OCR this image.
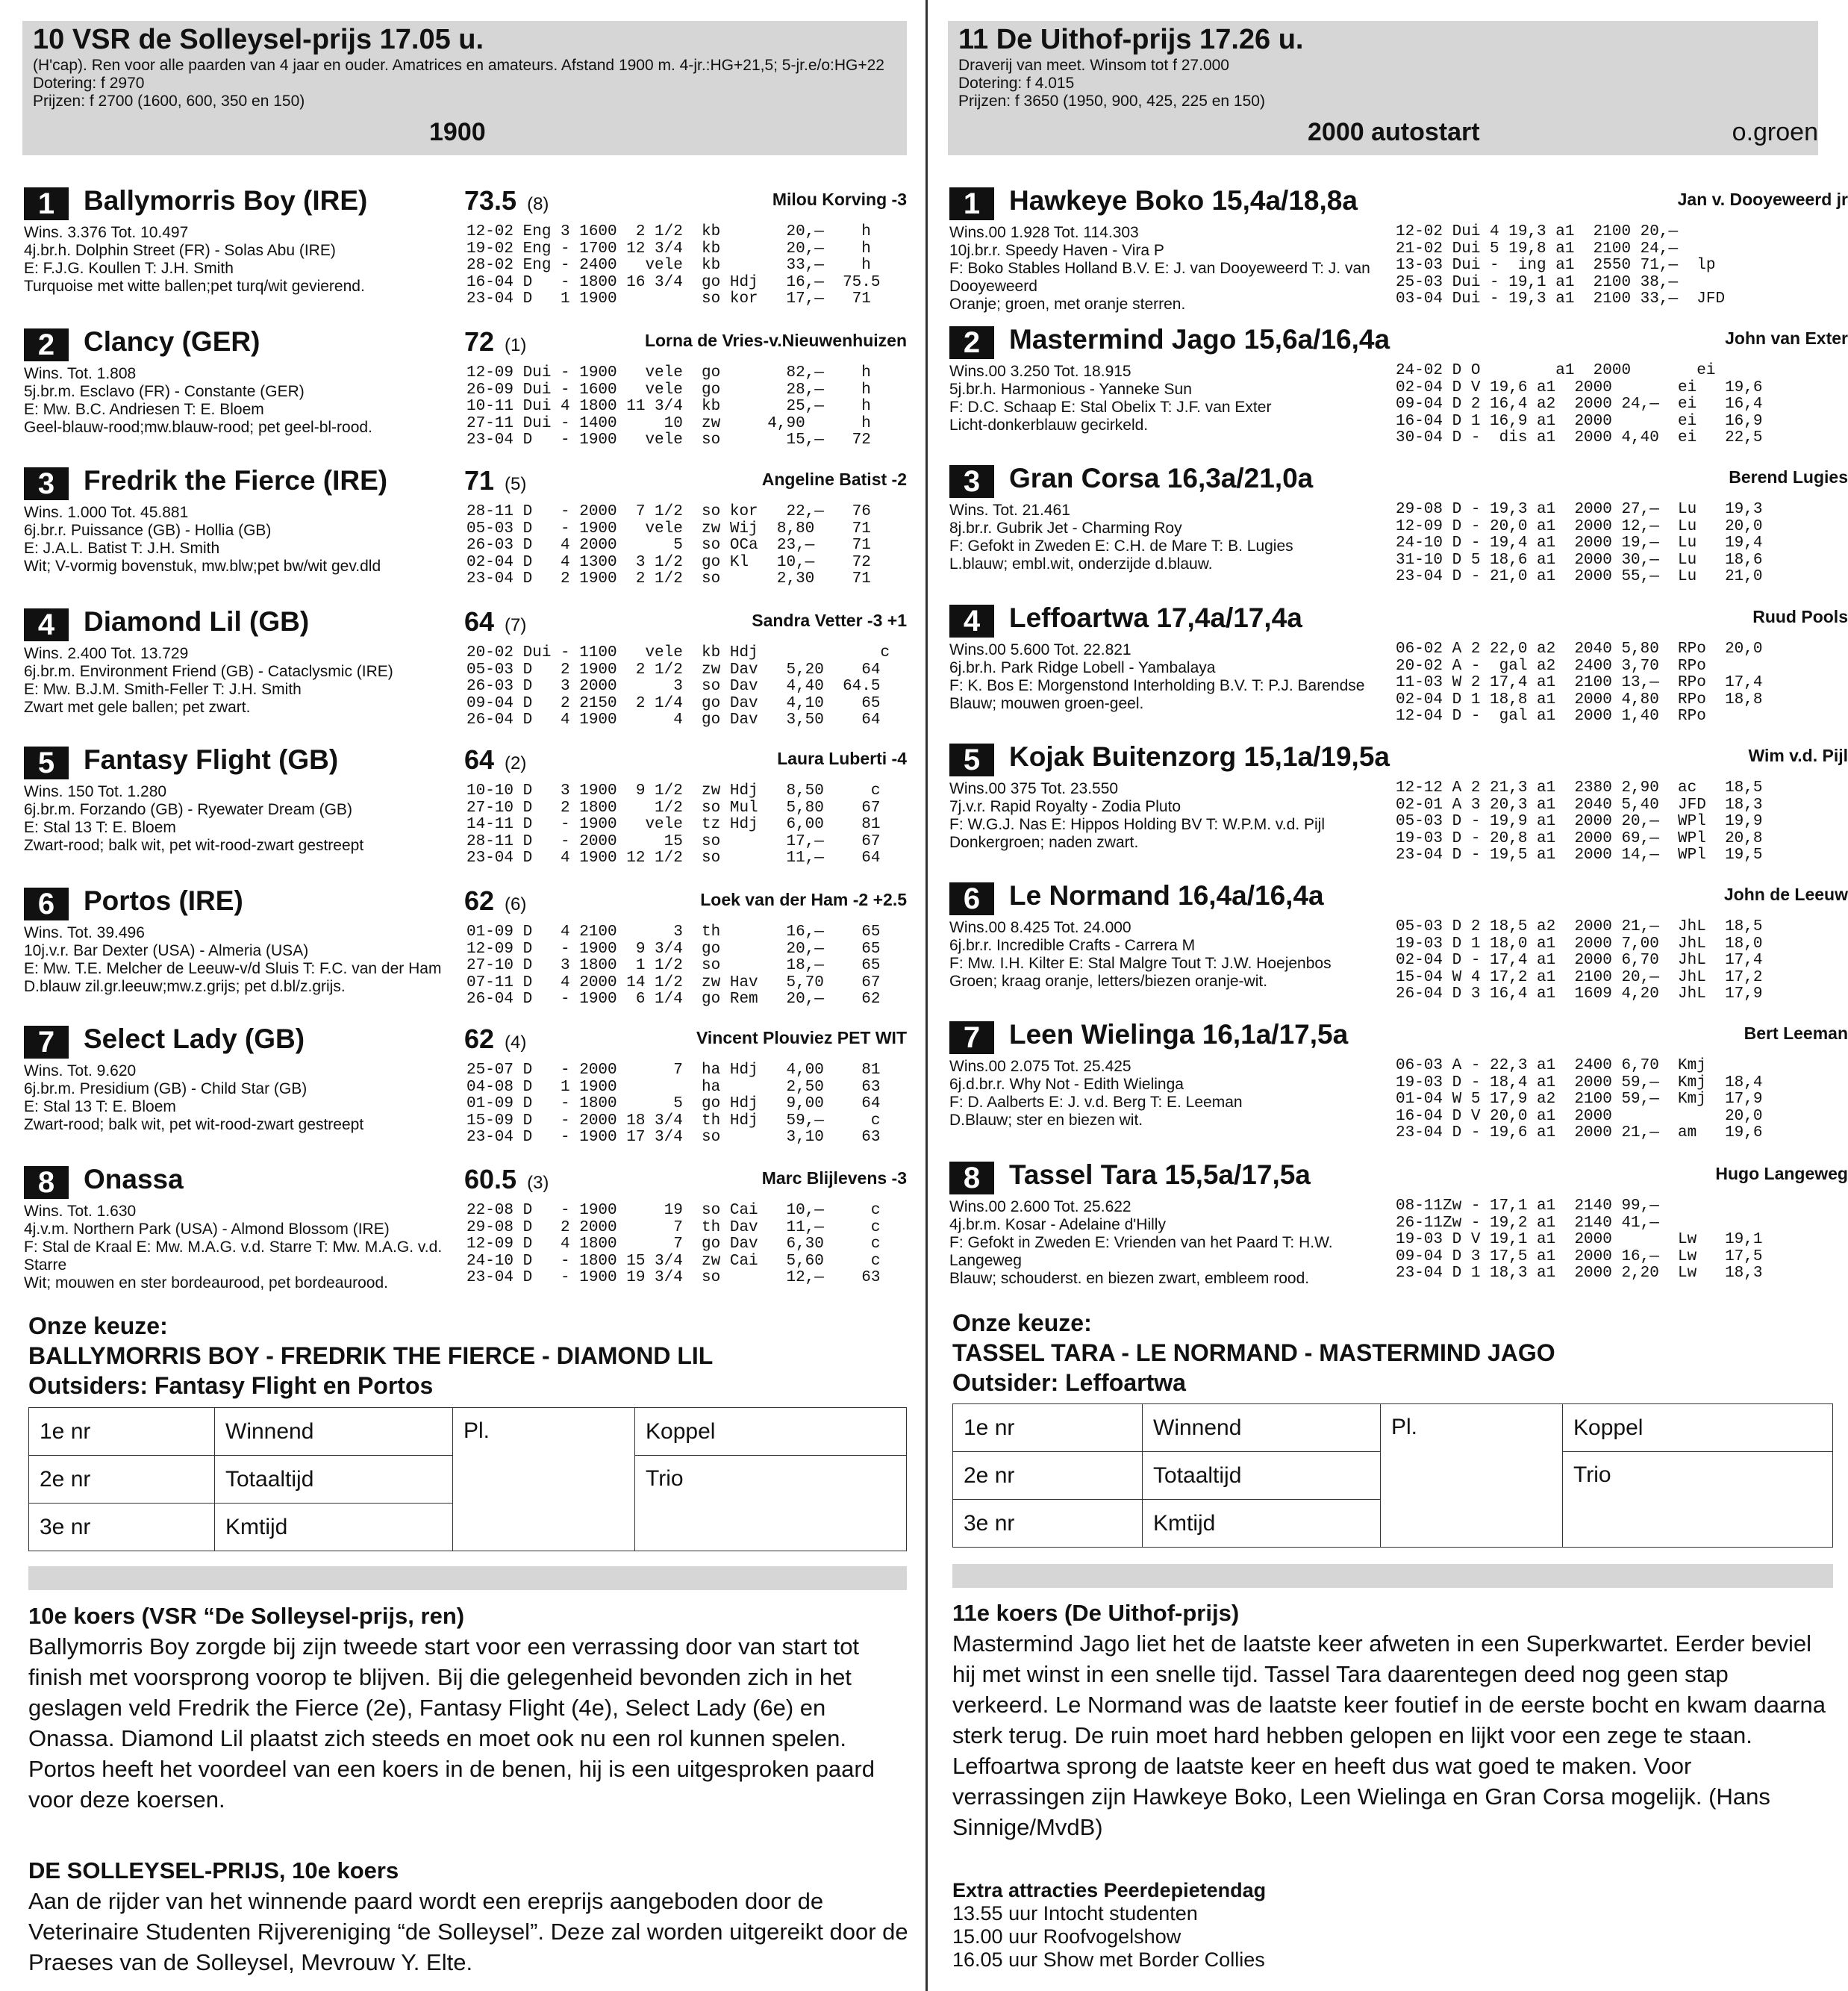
10 VSR de Solleysel-prijs 17.05 u.
(H'cap). Ren voor alle paarden van 4 jaar en ouder. Amatrices en amateurs. Afstand 1900 m. 4-jr.:HG+21,5; 5-jr.e/o:HG+22 Dotering: f 2970
Prijzen: f 2700 (1600, 600, 350 en 150)
1900
1	Ballymorris Boy (IRE)	73.5 (8)	Milou Korving -3
Wins. 3.376 Tot. 10.497
4j.br.h. Dolphin Street (FR) - Solas Abu (IRE)
E: F.J.G. Koullen T: J.H. Smith
Turquoise met witte ballen;pet turq/wit gevierend.
12-02 Eng 3 1600  2 1/2  kb       20,—    h
19-02 Eng - 1700 12 3/4  kb       20,—    h
28-02 Eng - 2400   vele  kb       33,—    h
16-04 D   - 1800 16 3/4  go Hdj   16,—  75.5
23-04 D   1 1900         so kor   17,—   71
2	Clancy (GER)	72 (1)	Lorna de Vries-v.Nieuwenhuizen
Wins. Tot. 1.808
5j.br.m. Esclavo (FR) - Constante (GER)
E: Mw. B.C. Andriesen T: E. Bloem
Geel-blauw-rood;mw.blauw-rood; pet geel-bl-rood.
12-09 Dui - 1900   vele  go       82,—    h
26-09 Dui - 1600   vele  go       28,—    h
10-11 Dui 4 1800 11 3/4  kb       25,—    h
27-11 Dui - 1400     10  zw     4,90      h
23-04 D   - 1900   vele  so       15,—   72
3	Fredrik the Fierce (IRE)	71 (5)	Angeline Batist -2
Wins. 1.000 Tot. 45.881
6j.br.r. Puissance (GB) - Hollia (GB)
E: J.A.L. Batist T: J.H. Smith
Wit; V-vormig bovenstuk, mw.blw;pet bw/wit gev.dld
28-11 D   - 2000  7 1/2  so kor   22,—   76
05-03 D   - 1900   vele  zw Wij  8,80    71
26-03 D   4 2000      5  so OCa  23,—    71
02-04 D   4 1300  3 1/2  go Kl   10,—    72
23-04 D   2 1900  2 1/2  so      2,30    71
4	Diamond Lil (GB)	64 (7)	Sandra Vetter -3 +1
Wins. 2.400 Tot. 13.729
6j.br.m. Environment Friend (GB) - Cataclysmic (IRE)
E: Mw. B.J.M. Smith-Feller T: J.H. Smith
Zwart met gele ballen; pet zwart.
20-02 Dui - 1100   vele  kb Hdj             c
05-03 D   2 1900  2 1/2  zw Dav   5,20    64
26-03 D   3 2000      3  so Dav   4,40  64.5
09-04 D   2 2150  2 1/4  go Dav   4,10    65
26-04 D   4 1900      4  go Dav   3,50    64
5	Fantasy Flight (GB)	64 (2)	Laura Luberti -4
Wins. 150 Tot. 1.280
6j.br.m. Forzando (GB) - Ryewater Dream (GB)
E: Stal 13 T: E. Bloem
Zwart-rood; balk wit, pet wit-rood-zwart gestreept
10-10 D   3 1900  9 1/2  zw Hdj   8,50     c
27-10 D   2 1800    1/2  so Mul   5,80    67
14-11 D   - 1900   vele  tz Hdj   6,00    81
28-11 D   - 2000     15  so       17,—    67
23-04 D   4 1900 12 1/2  so       11,—    64
6	Portos (IRE)	62 (6)	Loek van der Ham -2 +2.5
Wins. Tot. 39.496
10j.v.r. Bar Dexter (USA) - Almeria (USA)
E: Mw. T.E. Melcher de Leeuw-v/d Sluis T: F.C. van der Ham
D.blauw zil.gr.leeuw;mw.z.grijs; pet d.bl/z.grijs.
01-09 D   4 2100      3  th       16,—    65
12-09 D   - 1900  9 3/4  go       20,—    65
27-10 D   3 1800  1 1/2  so       18,—    65
07-11 D   4 2000 14 1/2  zw Hav   5,70    67
26-04 D   - 1900  6 1/4  go Rem   20,—    62
7	Select Lady (GB)	62 (4)	Vincent Plouviez PET WIT
Wins. Tot. 9.620
6j.br.m. Presidium (GB) - Child Star (GB)
E: Stal 13 T: E. Bloem
Zwart-rood; balk wit, pet wit-rood-zwart gestreept
25-07 D   - 2000      7  ha Hdj   4,00    81
04-08 D   1 1900         ha       2,50    63
01-09 D   - 1800      5  go Hdj   9,00    64
15-09 D   - 2000 18 3/4  th Hdj   59,—     c
23-04 D   - 1900 17 3/4  so       3,10    63
8	Onassa	60.5 (3)	Marc Blijlevens -3
Wins. Tot. 1.630
4j.v.m. Northern Park (USA) - Almond Blossom (IRE)
F: Stal de Kraal E: Mw. M.A.G. v.d. Starre T: Mw. M.A.G. v.d. Starre
Wit; mouwen en ster bordeaurood, pet bordeaurood.
22-08 D   - 1900     19  so Cai   10,—     c
29-08 D   2 2000      7  th Dav   11,—     c
12-09 D   4 1800      7  go Dav   6,30     c
24-10 D   - 1800 15 3/4  zw Cai   5,60     c
23-04 D   - 1900 19 3/4  so       12,—    63
Onze keuze:
BALLYMORRIS BOY - FREDRIK THE FIERCE - DIAMOND LIL
Outsiders: Fantasy Flight en Portos
1e nr	Winnend	Pl.	Koppel
2e nr	Totaaltijd		Trio
3e nr	Kmtijd		
10e koers (VSR “De Solleysel-prijs, ren)
Ballymorris Boy zorgde bij zijn tweede start voor een verrassing door van start tot finish met voorsprong voorop te blijven. Bij die gelegenheid bevonden zich in het geslagen veld Fredrik the Fierce (2e), Fantasy Flight (4e), Select Lady (6e) en Onassa. Diamond Lil plaatst zich steeds en moet ook nu een rol kunnen spelen. Portos heeft het voordeel van een koers in de benen, hij is een uitgesproken paard voor deze koersen.
DE SOLLEYSEL-PRIJS, 10e koers
Aan de rijder van het winnende paard wordt een ereprijs aangeboden door de Veterinaire Studenten Rijvereniging “de Solleysel”. Deze zal worden uitgereikt door de Praeses van de Solleysel, Mevrouw Y. Elte.
11 De Uithof-prijs 17.26 u.
Draverij van meet. Winsom tot f 27.000
Dotering: f 4.015
Prijzen: f 3650 (1950, 900, 425, 225 en 150)
2000 autostart	o.groen
1	Hawkeye Boko 15,4a/18,8a	Jan v. Dooyeweerd jr
Wins.00 1.928 Tot. 114.303
10j.br.r. Speedy Haven - Vira P
F: Boko Stables Holland B.V. E: J. van Dooyeweerd T: J. van Dooyeweerd
Oranje; groen, met oranje sterren.
12-02 Dui 4 19,3 a1  2100 20,—
21-02 Dui 5 19,8 a1  2100 24,—
13-03 Dui -  ing a1  2550 71,—  lp
25-03 Dui - 19,1 a1  2100 38,—
03-04 Dui - 19,3 a1  2100 33,—  JFD
2	Mastermind Jago 15,6a/16,4a	John van Exter
Wins.00 3.250 Tot. 18.915
5j.br.h. Harmonious - Yanneke Sun
F: D.C. Schaap E: Stal Obelix T: J.F. van Exter
Licht-donkerblauw gecirkeld.
24-02 D O        a1  2000       ei
02-04 D V 19,6 a1  2000       ei   19,6
09-04 D 2 16,4 a2  2000 24,—  ei   16,4
16-04 D 1 16,9 a1  2000       ei   16,9
30-04 D -  dis a1  2000 4,40  ei   22,5
3	Gran Corsa 16,3a/21,0a	Berend Lugies
Wins. Tot. 21.461
8j.br.r. Gubrik Jet - Charming Roy
F: Gefokt in Zweden E: C.H. de Mare T: B. Lugies
L.blauw; embl.wit, onderzijde d.blauw.
29-08 D - 19,3 a1  2000 27,—  Lu   19,3
12-09 D - 20,0 a1  2000 12,—  Lu   20,0
24-10 D - 19,4 a1  2000 19,—  Lu   19,4
31-10 D 5 18,6 a1  2000 30,—  Lu   18,6
23-04 D - 21,0 a1  2000 55,—  Lu   21,0
4	Leffoartwa 17,4a/17,4a	Ruud Pools
Wins.00 5.600 Tot. 22.821
6j.br.h. Park Ridge Lobell - Yambalaya
F: K. Bos E: Morgenstond Interholding B.V. T: P.J. Barendse
Blauw; mouwen groen-geel.
06-02 A 2 22,0 a2  2040 5,80  RPo  20,0
20-02 A -  gal a2  2400 3,70  RPo
11-03 W 2 17,4 a1  2100 13,—  RPo  17,4
02-04 D 1 18,8 a1  2000 4,80  RPo  18,8
12-04 D -  gal a1  2000 1,40  RPo
5	Kojak Buitenzorg 15,1a/19,5a	Wim v.d. Pijl
Wins.00 375 Tot. 23.550
7j.v.r. Rapid Royalty - Zodia Pluto
F: W.G.J. Nas E: Hippos Holding BV T: W.P.M. v.d. Pijl
Donkergroen; naden zwart.
12-12 A 2 21,3 a1  2380 2,90  ac   18,5
02-01 A 3 20,3 a1  2040 5,40  JFD  18,3
05-03 D - 19,9 a1  2000 20,—  WPl  19,9
19-03 D - 20,8 a1  2000 69,—  WPl  20,8
23-04 D - 19,5 a1  2000 14,—  WPl  19,5
6	Le Normand 16,4a/16,4a	John de Leeuw
Wins.00 8.425 Tot. 24.000
6j.br.r. Incredible Crafts - Carrera M
F: Mw. I.H. Kilter E: Stal Malgre Tout T: J.W. Hoejenbos
Groen; kraag oranje, letters/biezen oranje-wit.
05-03 D 2 18,5 a2  2000 21,—  JhL  18,5
19-03 D 1 18,0 a1  2000 7,00  JhL  18,0
02-04 D - 17,4 a1  2000 6,70  JhL  17,4
15-04 W 4 17,2 a1  2100 20,—  JhL  17,2
26-04 D 3 16,4 a1  1609 4,20  JhL  17,9
7	Leen Wielinga 16,1a/17,5a	Bert Leeman
Wins.00 2.075 Tot. 25.425
6j.d.br.r. Why Not - Edith Wielinga
F: D. Aalberts E: J. v.d. Berg T: E. Leeman
D.Blauw; ster en biezen wit.
06-03 A - 22,3 a1  2400 6,70  Kmj
19-03 D - 18,4 a1  2000 59,—  Kmj  18,4
01-04 W 5 17,9 a2  2100 59,—  Kmj  17,9
16-04 D V 20,0 a1  2000            20,0
23-04 D - 19,6 a1  2000 21,—  am   19,6
8	Tassel Tara 15,5a/17,5a	Hugo Langeweg
Wins.00 2.600 Tot. 25.622
4j.br.m. Kosar - Adelaine d'Hilly
F: Gefokt in Zweden E: Vrienden van het Paard T: H.W. Langeweg
Blauw; schouderst. en biezen zwart, embleem rood.
08-11Zw - 17,1 a1  2140 99,—
26-11Zw - 19,2 a1  2140 41,—
19-03 D V 19,1 a1  2000       Lw   19,1
09-04 D 3 17,5 a1  2000 16,—  Lw   17,5
23-04 D 1 18,3 a1  2000 2,20  Lw   18,3
Onze keuze:
TASSEL TARA - LE NORMAND - MASTERMIND JAGO
Outsider: Leffoartwa
1e nr	Winnend	Pl.	Koppel
2e nr	Totaaltijd		Trio
3e nr	Kmtijd		
11e koers (De Uithof-prijs)
Mastermind Jago liet het de laatste keer afweten in een Superkwartet. Eerder beviel hij met winst in een snelle tijd. Tassel Tara daarentegen deed nog geen stap verkeerd. Le Normand was de laatste keer foutief in de eerste bocht en kwam daarna sterk terug. De ruin moet hard hebben gelopen en lijkt voor een zege te staan. Leffoartwa sprong de laatste keer en heeft dus wat goed te maken. Voor verrassingen zijn Hawkeye Boko, Leen Wielinga en Gran Corsa mogelijk. (Hans Sinnige/MvdB)
Extra attracties Peerdepietendag
13.55 uur Intocht studenten
15.00 uur Roofvogelshow
16.05 uur Show met Border Collies
